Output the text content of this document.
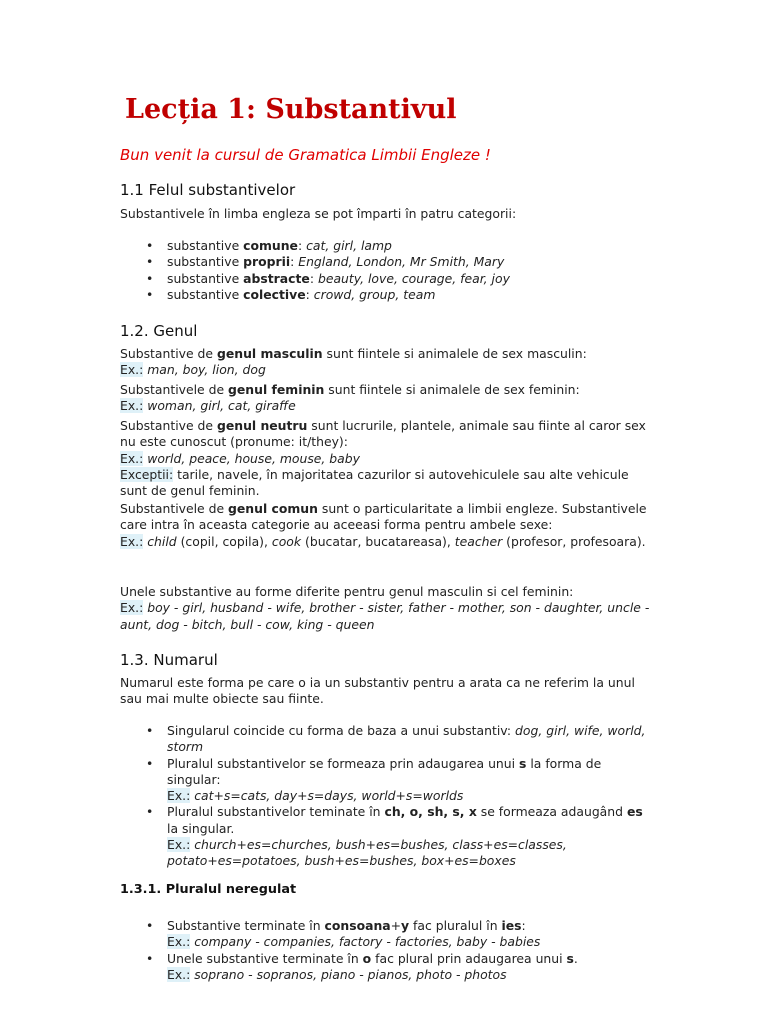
Lecția 1: Substantivul
Bun venit la cursul de Gramatica Limbii Engleze !
1.1 Felul substantivelor
Substantivele în limba engleza se pot împarti în patru categorii:
• substantive comune: cat, girl, lamp
• substantive proprii: England, London, Mr Smith, Mary
• substantive abstracte: beauty, love, courage, fear, joy
• substantive colective: crowd, group, team
1.2. Genul
Substantive de genul masculin sunt fiintele si animalele de sex masculin:
Ex.: man, boy, lion, dog
Substantivele de genul feminin sunt fiintele si animalele de sex feminin:
Ex.: woman, girl, cat, giraffe
Substantive de genul neutru sunt lucrurile, plantele, animale sau fiinte al caror sex nu este cunoscut (pronume: it/they):
Ex.: world, peace, house, mouse, baby
Exceptii: tarile, navele, în majoritatea cazurilor si autovehiculele sau alte vehicule sunt de genul feminin.
Substantivele de genul comun sunt o particularitate a limbii engleze. Substantivele care intra în aceasta categorie au aceeasi forma pentru ambele sexe:
Ex.: child (copil, copila), cook (bucatar, bucatareasa), teacher (profesor, profesoara).
Unele substantive au forme diferite pentru genul masculin si cel feminin:
Ex.: boy - girl, husband - wife, brother - sister, father - mother, son - daughter, uncle - aunt, dog - bitch, bull - cow, king - queen
1.3. Numarul
Numarul este forma pe care o ia un substantiv pentru a arata ca ne referim la unul sau mai multe obiecte sau fiinte.
• Singularul coincide cu forma de baza a unui substantiv: dog, girl, wife, world, storm
• Pluralul substantivelor se formeaza prin adaugarea unui s la forma de singular:
Ex.: cat+s=cats, day+s=days, world+s=worlds
• Pluralul substantivelor teminate în ch, o, sh, s, x se formeaza adaugând es la singular.
Ex.: church+es=churches, bush+es=bushes, class+es=classes, potato+es=potatoes, bush+es=bushes, box+es=boxes
1.3.1. Pluralul neregulat
• Substantive terminate în consoana+y fac pluralul în ies:
Ex.: company - companies, factory - factories, baby - babies
• Unele substantive terminate în o fac plural prin adaugarea unui s.
Ex.: soprano - sopranos, piano - pianos, photo - photos
